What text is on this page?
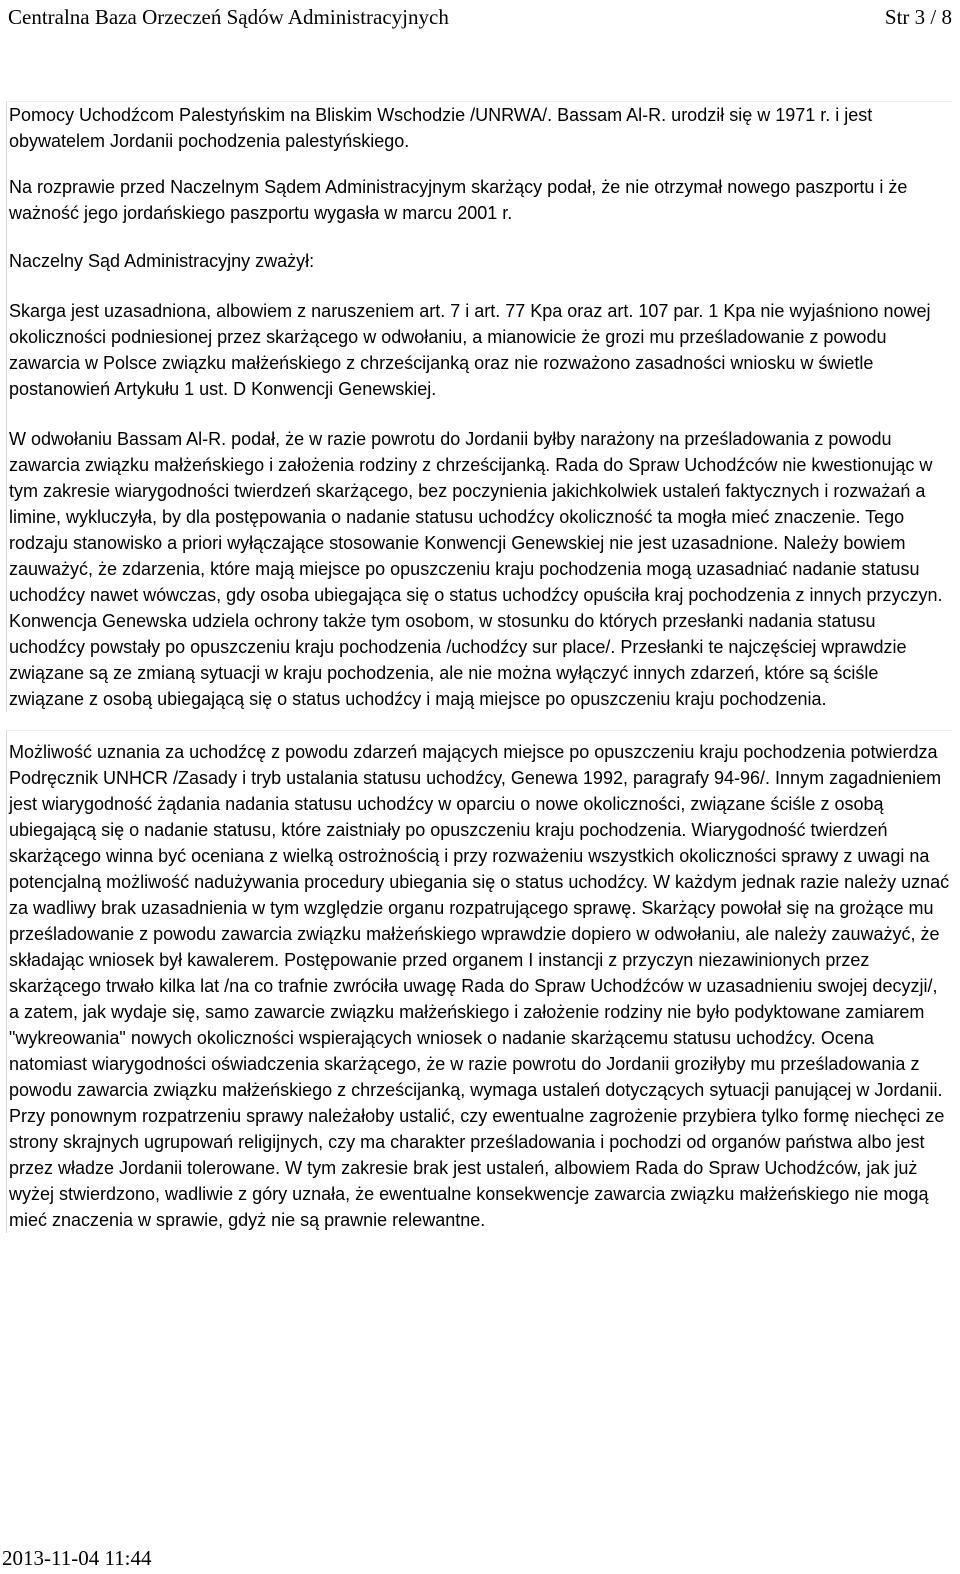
Centralna Baza Orzeczeń Sądów Administracyjnych	Str 3 / 8

Pomocy Uchodźcom Palestyńskim na Bliskim Wschodzie /UNRWA/. Bassam Al-R. urodził się w 1971 r. i jest obywatelem Jordanii pochodzenia palestyńskiego.

Na rozprawie przed Naczelnym Sądem Administracyjnym skarżący podał, że nie otrzymał nowego paszportu i że ważność jego jordańskiego paszportu wygasła w marcu 2001 r.

Naczelny Sąd Administracyjny zważył:

Skarga jest uzasadniona, albowiem z naruszeniem art. 7 i art. 77 Kpa oraz art. 107 par. 1 Kpa nie wyjaśniono nowej okoliczności podniesionej przez skarżącego w odwołaniu, a mianowicie że grozi mu prześladowanie z powodu zawarcia w Polsce związku małżeńskiego z chrześcijanką oraz nie rozważono zasadności wniosku w świetle postanowień Artykułu 1 ust. D Konwencji Genewskiej.

W odwołaniu Bassam Al-R. podał, że w razie powrotu do Jordanii byłby narażony na prześladowania z powodu zawarcia związku małżeńskiego i założenia rodziny z chrześcijanką. Rada do Spraw Uchodźców nie kwestionując w tym zakresie wiarygodności twierdzeń skarżącego, bez poczynienia jakichkolwiek ustaleń faktycznych i rozważań a limine, wykluczyła, by dla postępowania o nadanie statusu uchodźcy okoliczność ta mogła mieć znaczenie. Tego rodzaju stanowisko a priori wyłączające stosowanie Konwencji Genewskiej nie jest uzasadnione. Należy bowiem zauważyć, że zdarzenia, które mają miejsce po opuszczeniu kraju pochodzenia mogą uzasadniać nadanie statusu uchodźcy nawet wówczas, gdy osoba ubiegająca się o status uchodźcy opuściła kraj pochodzenia z innych przyczyn. Konwencja Genewska udziela ochrony także tym osobom, w stosunku do których przesłanki nadania statusu uchodźcy powstały po opuszczeniu kraju pochodzenia /uchodźcy sur place/. Przesłanki te najczęściej wprawdzie związane są ze zmianą sytuacji w kraju pochodzenia, ale nie można wyłączyć innych zdarzeń, które są ściśle związane z osobą ubiegającą się o status uchodźcy i mają miejsce po opuszczeniu kraju pochodzenia.

Możliwość uznania za uchodźcę z powodu zdarzeń mających miejsce po opuszczeniu kraju pochodzenia potwierdza Podręcznik UNHCR /Zasady i tryb ustalania statusu uchodźcy, Genewa 1992, paragrafy 94-96/. Innym zagadnieniem jest wiarygodność żądania nadania statusu uchodźcy w oparciu o nowe okoliczności, związane ściśle z osobą ubiegającą się o nadanie statusu, które zaistniały po opuszczeniu kraju pochodzenia. Wiarygodność twierdzeń skarżącego winna być oceniana z wielką ostrożnością i przy rozważeniu wszystkich okoliczności sprawy z uwagi na potencjalną możliwość nadużywania procedury ubiegania się o status uchodźcy. W każdym jednak razie należy uznać za wadliwy brak uzasadnienia w tym względzie organu rozpatrującego sprawę. Skarżący powołał się na grożące mu prześladowanie z powodu zawarcia związku małżeńskiego wprawdzie dopiero w odwołaniu, ale należy zauważyć, że składając wniosek był kawalerem. Postępowanie przed organem I instancji z przyczyn niezawinionych przez skarżącego trwało kilka lat /na co trafnie zwróciła uwagę Rada do Spraw Uchodźców w uzasadnieniu swojej decyzji/, a zatem, jak wydaje się, samo zawarcie związku małżeńskiego i założenie rodziny nie było podyktowane zamiarem "wykreowania" nowych okoliczności wspierających wniosek o nadanie skarżącemu statusu uchodźcy. Ocena natomiast wiarygodności oświadczenia skarżącego, że w razie powrotu do Jordanii groziłyby mu prześladowania z powodu zawarcia związku małżeńskiego z chrześcijanką, wymaga ustaleń dotyczących sytuacji panującej w Jordanii. Przy ponownym rozpatrzeniu sprawy należałoby ustalić, czy ewentualne zagrożenie przybiera tylko formę niechęci ze strony skrajnych ugrupowań religijnych, czy ma charakter prześladowania i pochodzi od organów państwa albo jest przez władze Jordanii tolerowane. W tym zakresie brak jest ustaleń, albowiem Rada do Spraw Uchodźców, jak już wyżej stwierdzono, wadliwie z góry uznała, że ewentualne konsekwencje zawarcia związku małżeńskiego nie mogą mieć znaczenia w sprawie, gdyż nie są prawnie relewantne.

2013-11-04 11:44
